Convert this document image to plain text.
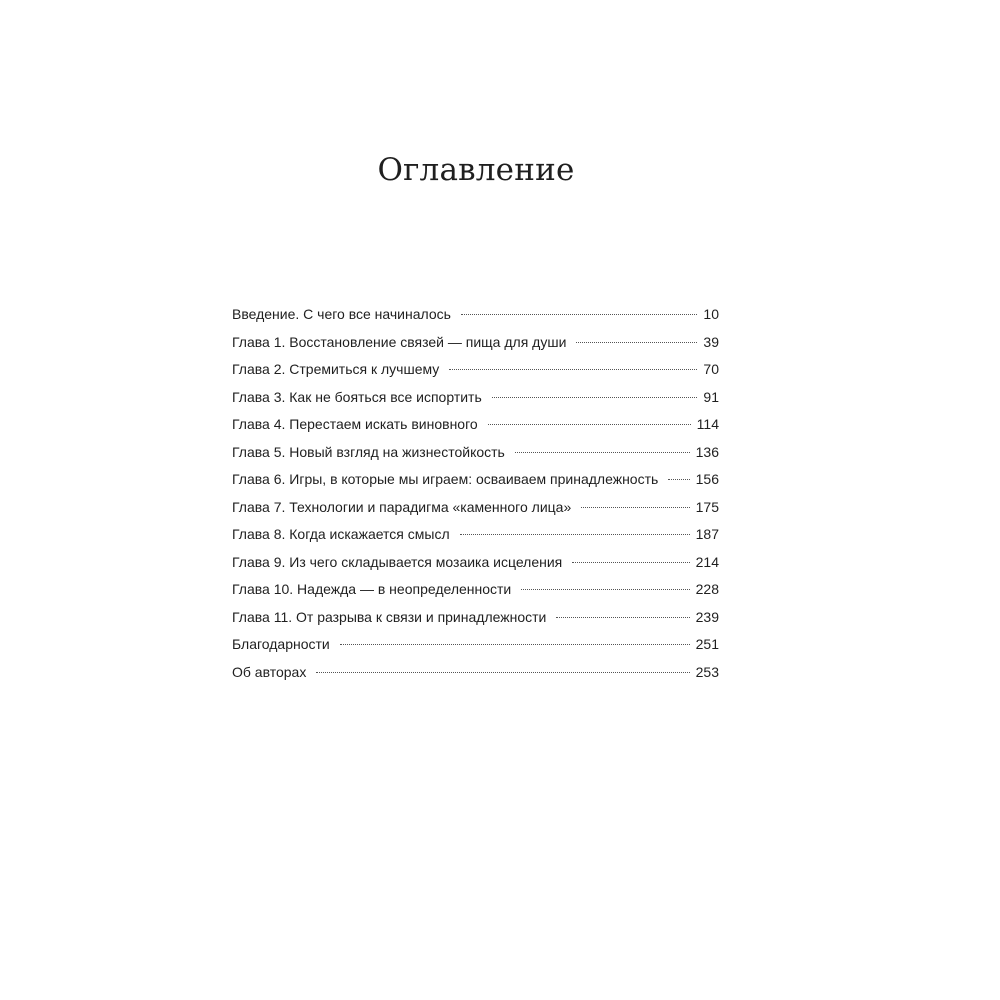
Оглавление
Введение. С чего все начиналось	10
Глава 1. Восстановление связей — пища для души	39
Глава 2. Стремиться к лучшему	70
Глава 3. Как не бояться все испортить	91
Глава 4. Перестаем искать виновного	114
Глава 5. Новый взгляд на жизнестойкость	136
Глава 6. Игры, в которые мы играем: осваиваем принадлежность	156
Глава 7. Технологии и парадигма «каменного лица»	175
Глава 8. Когда искажается смысл	187
Глава 9. Из чего складывается мозаика исцеления	214
Глава 10. Надежда — в неопределенности	228
Глава 11. От разрыва к связи и принадлежности	239
Благодарности	251
Об авторах	253
